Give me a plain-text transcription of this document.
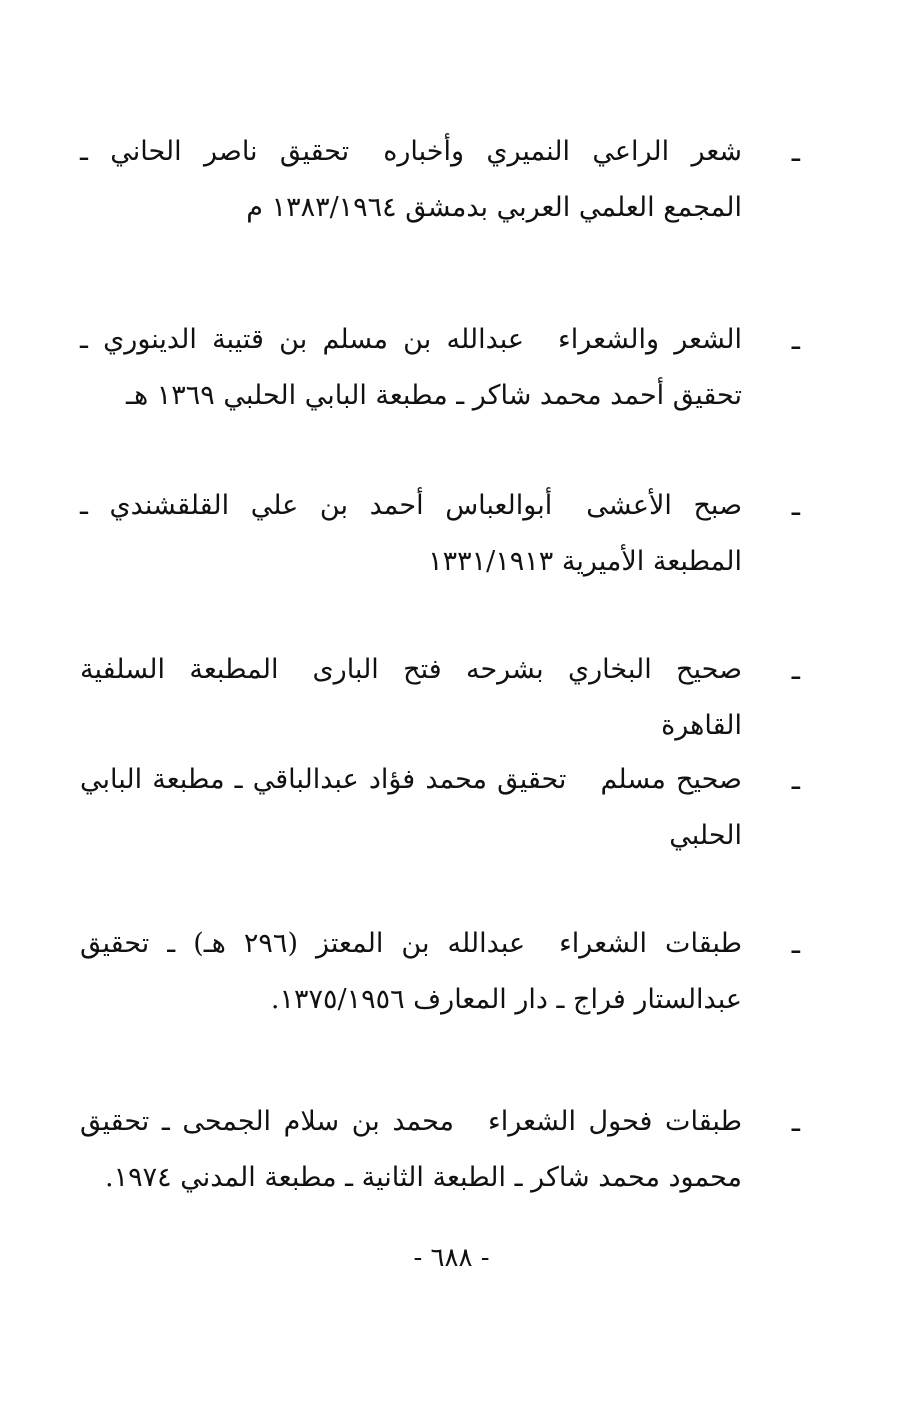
ـ
شعر الراعي النميري وأخبارهتحقيق ناصر الحاني ـ المجمع العلمي العربي بدمشق ١٣٨٣/١٩٦٤ م
ـ
الشعر والشعراءعبدالله بن مسلم بن قتيبة الدينوري ـ تحقيق أحمد محمد شاكر ـ مطبعة البابي الحلبي ١٣٦٩ هـ
ـ
صبح الأعشىأبوالعباس أحمد بن علي القلقشندي ـ المطبعة الأميرية ١٣٣١/١٩١٣
ـ
صحيح البخاري بشرحه فتح البارىالمطبعة السلفية القاهرة
ـ
صحيح مسلمتحقيق محمد فؤاد عبدالباقي ـ مطبعة البابي الحلبي
ـ
طبقات الشعراءعبدالله بن المعتز (٢٩٦ هـ) ـ تحقيق عبدالستار فراج ـ دار المعارف ١٣٧٥/١٩٥٦.
ـ
طبقات فحول الشعراءمحمد بن سلام الجمحى ـ تحقيق محمود محمد شاكر ـ الطبعة الثانية ـ مطبعة المدني ١٩٧٤.
- ٦٨٨ -
